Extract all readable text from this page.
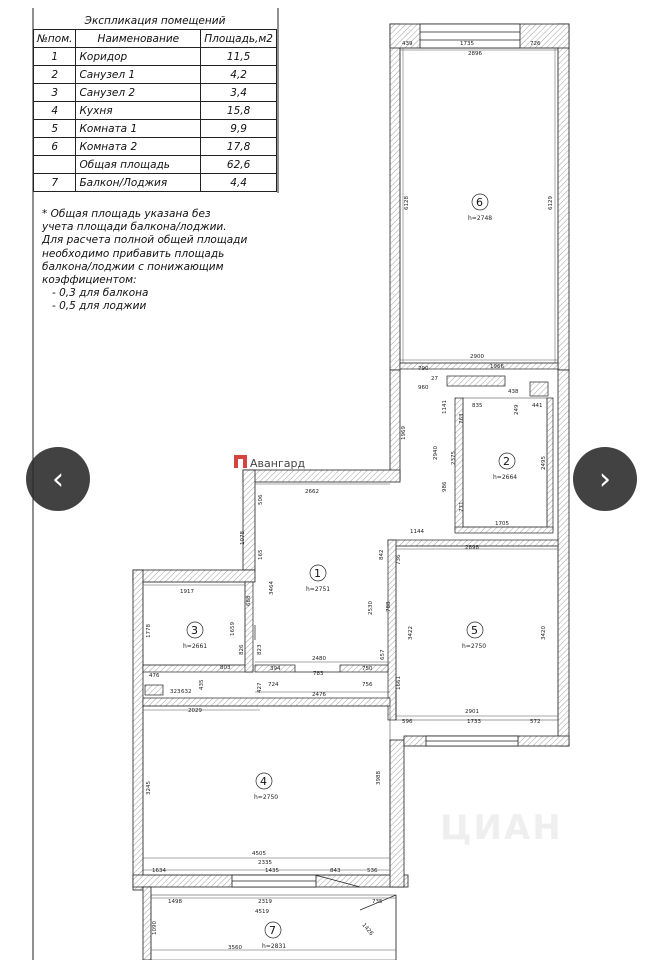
Экспликация помещений		
№пом.	Наименование	Площадь,м2
1	Коридор	11,5
2	Санузел 1	4,2
3	Санузел 2	3,4
4	Кухня	15,8
5	Комната 1	9,9
6	Комната 2	17,8
	Общая площадь	62,6
7	Балкон/Лоджия	4,4
* Общая площадь указана без
учета площади балкона/лоджии.
Для расчета полной общей площади
необходимо прибавить площадь
балкона/лоджии с понижающим
коэффициентом:
- 0,3 для балкона
- 0,5 для лоджии
439	1735	726
2896
6128	6129
2900
1966
790
960
27
835
438
441
249
1141
763
1969
2940 2375	2495
986
771
1705
1144
2662
506
1078
165
3464
842 736
2898
2530 788
3422	3420
657
1917
688
1778	1659
826 823
803	394
2480
750
783
724	756
2476
1661
476
323 632
435	427
2029	2901
596	1733	572
3245
3988
4505
2335
1634	1435	843	536
1498	2319	735
4519
3560
1090	1426
6
h=2748
2
h=2664
1
h=2751
3
h=2661
5
h=2750
4
h=2750
7
h=2831
Авангард
ЦИАН
‹	›
